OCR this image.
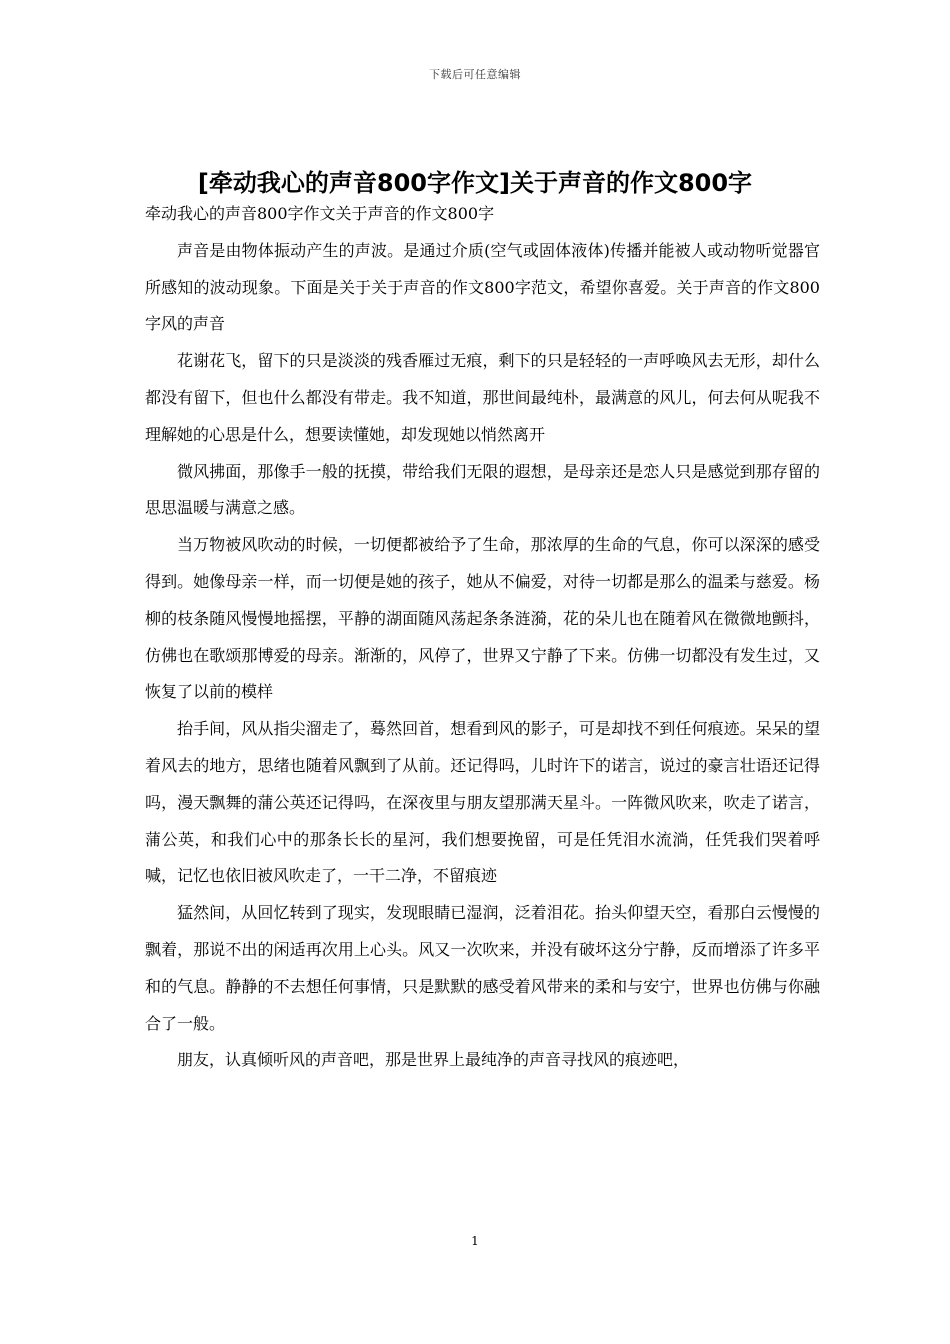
下载后可任意编辑
[牵动我心的声音800字作文]关于声音的作文800字

牵动我心的声音800字作文关于声音的作文800字

声音是由物体振动产生的声波。是通过介质(空气或固体液体)传播并能被人或动物听觉器官所感知的波动现象。下面是关于关于声音的作文800字范文，希望你喜爱。关于声音的作文800字风的声音

花谢花飞，留下的只是淡淡的残香雁过无痕，剩下的只是轻轻的一声呼唤风去无形，却什么都没有留下，但也什么都没有带走。我不知道，那世间最纯朴，最满意的风儿，何去何从呢我不理解她的心思是什么，想要读懂她，却发现她以悄然离开

微风拂面，那像手一般的抚摸，带给我们无限的遐想，是母亲还是恋人只是感觉到那存留的思思温暖与满意之感。

当万物被风吹动的时候，一切便都被给予了生命，那浓厚的生命的气息，你可以深深的感受得到。她像母亲一样，而一切便是她的孩子，她从不偏爱，对待一切都是那么的温柔与慈爱。杨柳的枝条随风慢慢地摇摆，平静的湖面随风荡起条条涟漪，花的朵儿也在随着风在微微地颤抖，仿佛也在歌颂那博爱的母亲。渐渐的，风停了，世界又宁静了下来。仿佛一切都没有发生过，又恢复了以前的模样

抬手间，风从指尖溜走了，蓦然回首，想看到风的影子，可是却找不到任何痕迹。呆呆的望着风去的地方，思绪也随着风飘到了从前。还记得吗，儿时许下的诺言，说过的豪言壮语还记得吗，漫天飘舞的蒲公英还记得吗，在深夜里与朋友望那满天星斗。一阵微风吹来，吹走了诺言，蒲公英，和我们心中的那条长长的星河，我们想要挽留，可是任凭泪水流淌，任凭我们哭着呼喊，记忆也依旧被风吹走了，一干二净，不留痕迹

猛然间，从回忆转到了现实，发现眼睛已湿润，泛着泪花。抬头仰望天空，看那白云慢慢的飘着，那说不出的闲适再次用上心头。风又一次吹来，并没有破坏这分宁静，反而增添了许多平和的气息。静静的不去想任何事情，只是默默的感受着风带来的柔和与安宁，世界也仿佛与你融合了一般。

朋友，认真倾听风的声音吧，那是世界上最纯净的声音寻找风的痕迹吧，

1
